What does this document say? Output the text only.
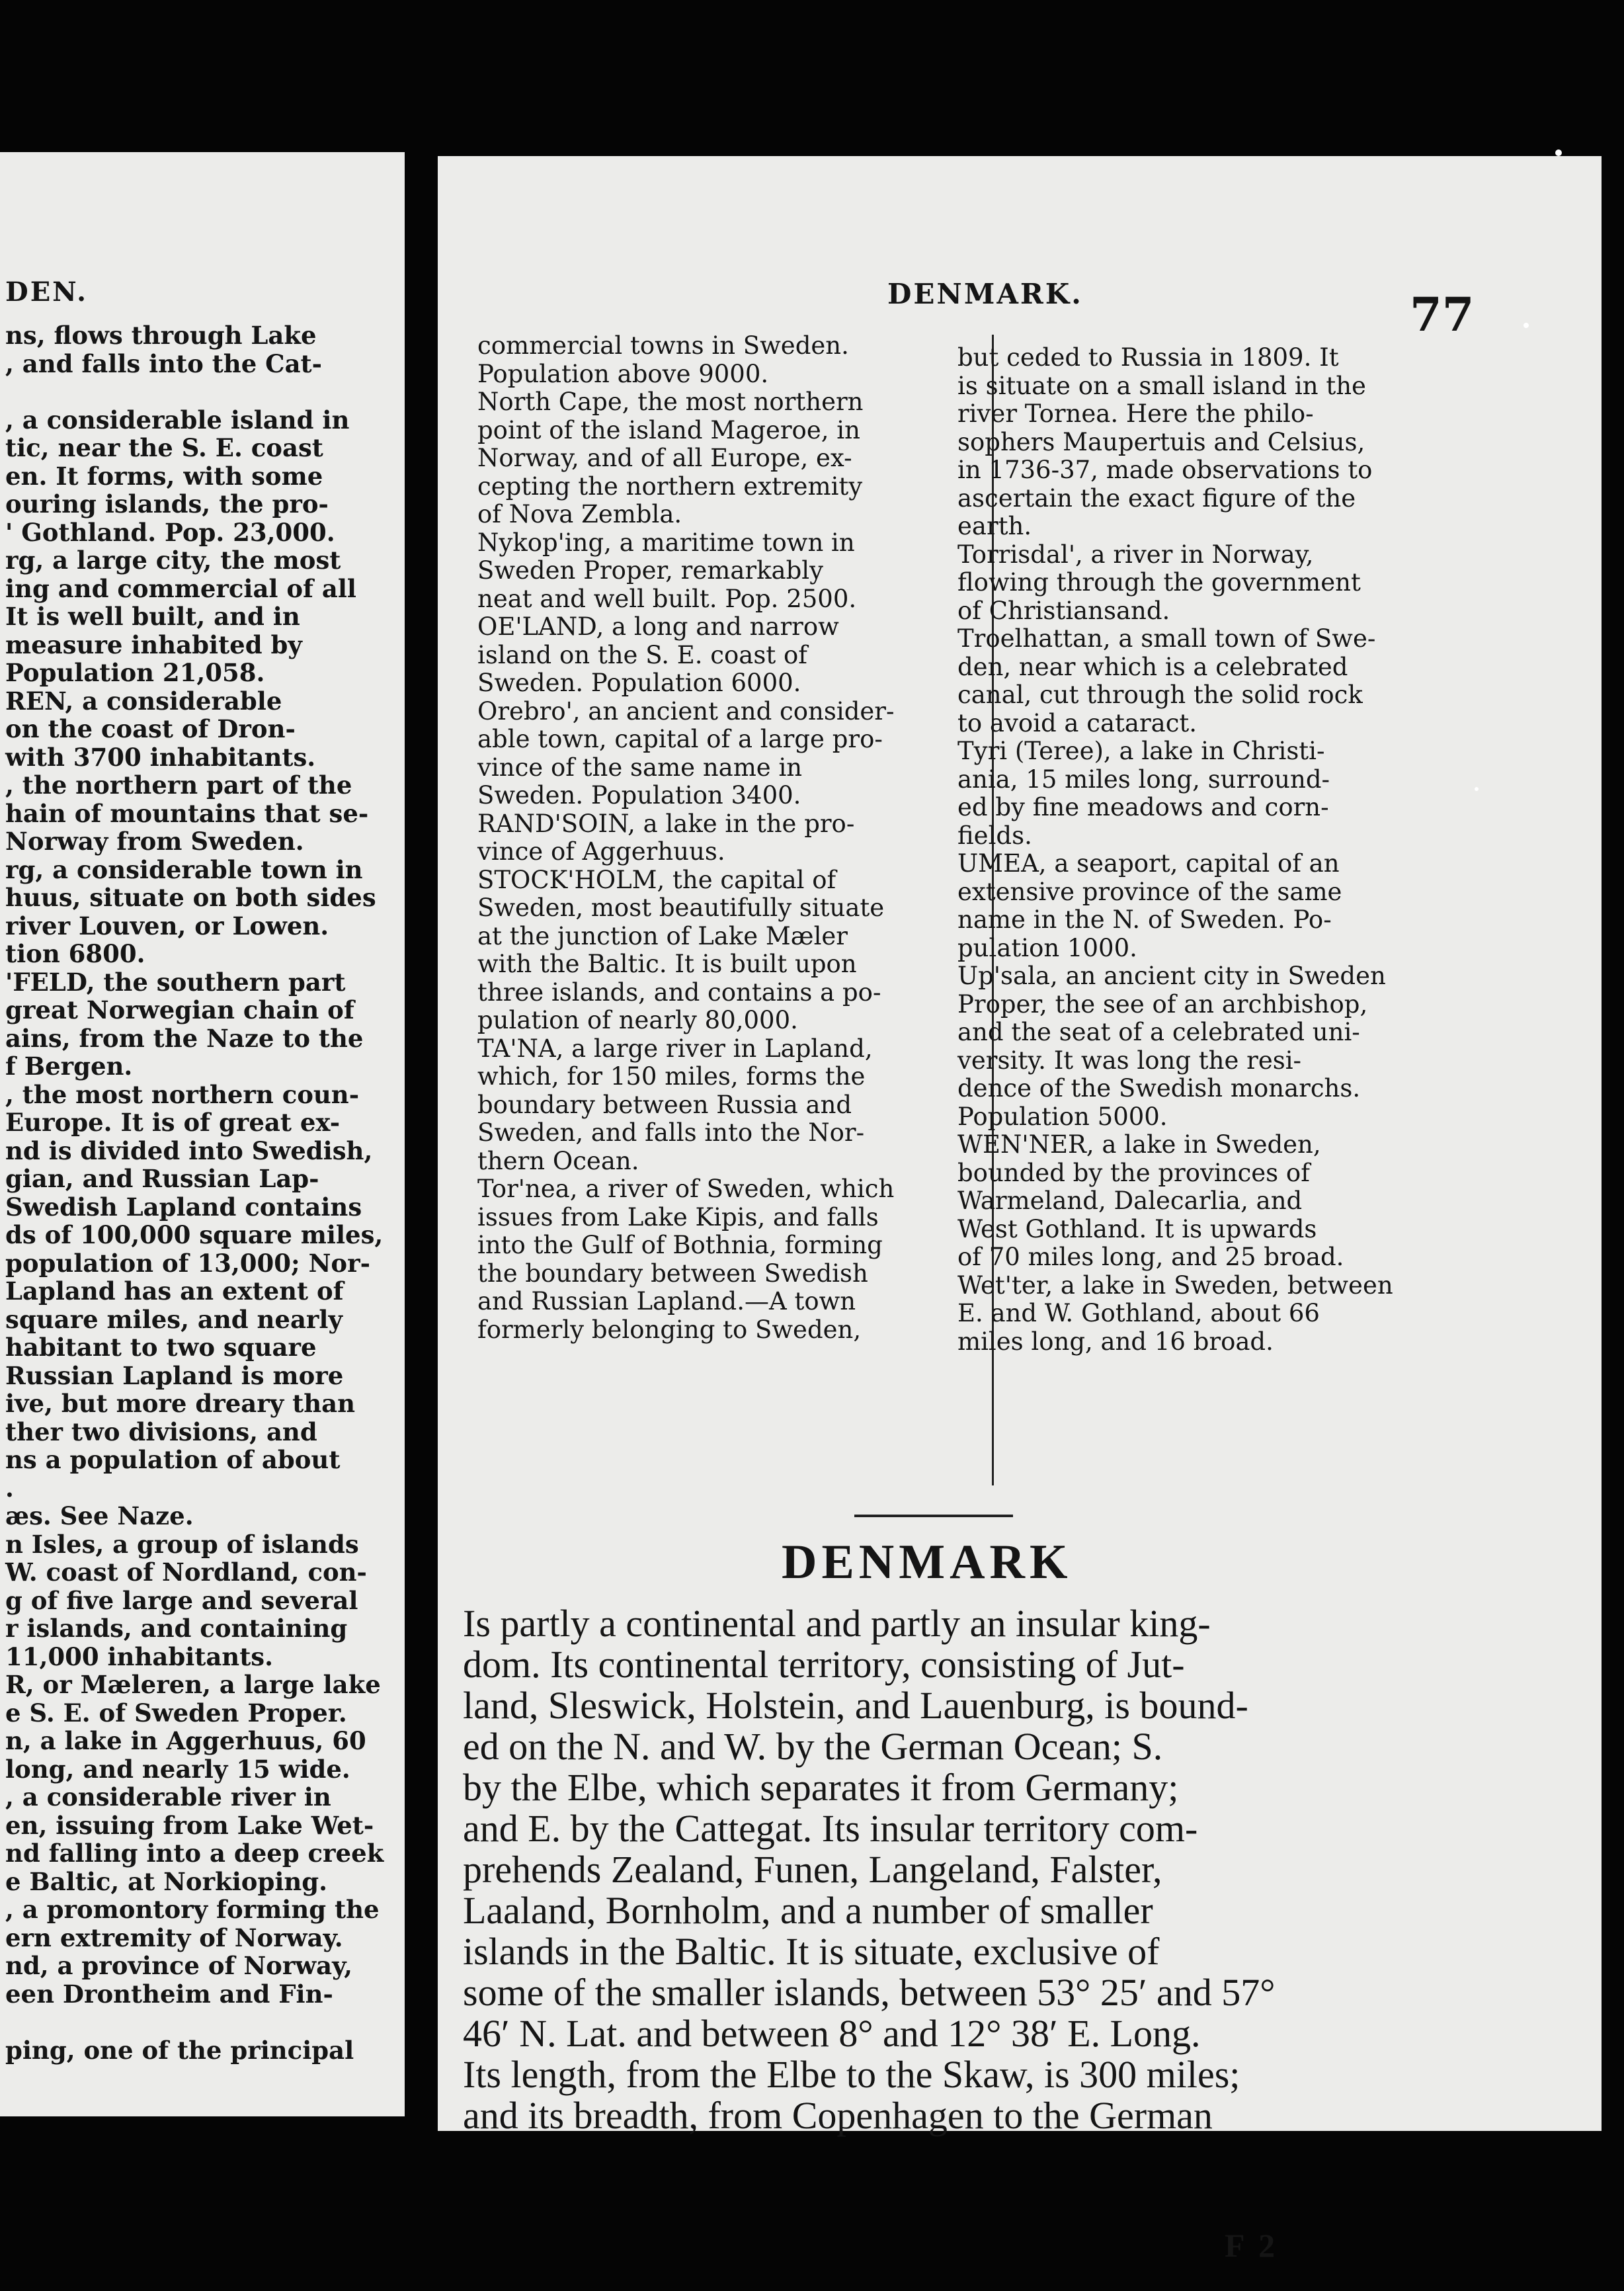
DEN.

ns, flows through Lake

, and falls into the Cat-

, a considerable island in

tic, near the S. E. coast

en. It forms, with some

ouring islands, the pro-

' Gothland. Pop. 23,000.

rg, a large city, the most

ing and commercial of all

It is well built, and in

measure inhabited by

Population 21,058.

REN, a considerable

on the coast of Dron-

with 3700 inhabitants.

, the northern part of the

hain of mountains that se-

Norway from Sweden.

rg, a considerable town in

huus, situate on both sides

river Louven, or Lowen.

tion 6800.

'FELD, the southern part

great Norwegian chain of

ains, from the Naze to the

f Bergen.

, the most northern coun-

Europe. It is of great ex-

nd is divided into Swedish,

gian, and Russian Lap-

Swedish Lapland contains

ds of 100,000 square miles,

population of 13,000; Nor-

Lapland has an extent of

square miles, and nearly

habitant to two square

Russian Lapland is more

ive, but more dreary than

ther two divisions, and

ns a population of about

.

æs. See Naze.

n Isles, a group of islands

W. coast of Nordland, con-

g of five large and several

r islands, and containing

11,000 inhabitants.

R, or Mæleren, a large lake

e S. E. of Sweden Proper.

n, a lake in Aggerhuus, 60

long, and nearly 15 wide.

, a considerable river in

en, issuing from Lake Wet-

nd falling into a deep creek

e Baltic, at Norkioping.

, a promontory forming the

ern extremity of Norway.

nd, a province of Norway,

een Drontheim and Fin-

ping, one of the principal

DENMARK.	77

commercial towns in Sweden.

Population above 9000.

North Cape, the most northern

point of the island Mageroe, in

Norway, and of all Europe, ex-

cepting the northern extremity

of Nova Zembla.

Nykop'ing, a maritime town in

Sweden Proper, remarkably

neat and well built. Pop. 2500.

OE'LAND, a long and narrow

island on the S. E. coast of

Sweden. Population 6000.

Orebro', an ancient and consider-

able town, capital of a large pro-

vince of the same name in

Sweden. Population 3400.

RAND'SOIN, a lake in the pro-

vince of Aggerhuus.

STOCK'HOLM, the capital of

Sweden, most beautifully situate

at the junction of Lake Mæler

with the Baltic. It is built upon

three islands, and contains a po-

pulation of nearly 80,000.

TA'NA, a large river in Lapland,

which, for 150 miles, forms the

boundary between Russia and

Sweden, and falls into the Nor-

thern Ocean.

Tor'nea, a river of Sweden, which

issues from Lake Kipis, and falls

into the Gulf of Bothnia, forming

the boundary between Swedish

and Russian Lapland.—A town

formerly belonging to Sweden,

but ceded to Russia in 1809. It

is situate on a small island in the

river Tornea. Here the philo-

sophers Maupertuis and Celsius,

in 1736-37, made observations to

ascertain the exact figure of the

earth.

Torrisdal', a river in Norway,

flowing through the government

of Christiansand.

Troelhattan, a small town of Swe-

den, near which is a celebrated

canal, cut through the solid rock

to avoid a cataract.

Tyri (Teree), a lake in Christi-

ania, 15 miles long, surround-

ed by fine meadows and corn-

fields.

UMEA, a seaport, capital of an

extensive province of the same

name in the N. of Sweden. Po-

pulation 1000.

Up'sala, an ancient city in Sweden

Proper, the see of an archbishop,

and the seat of a celebrated uni-

versity. It was long the resi-

dence of the Swedish monarchs.

Population 5000.

WEN'NER, a lake in Sweden,

bounded by the provinces of

Warmeland, Dalecarlia, and

West Gothland. It is upwards

of 70 miles long, and 25 broad.

Wet'ter, a lake in Sweden, between

E. and W. Gothland, about 66

miles long, and 16 broad.

DENMARK
Is partly a continental and partly an insular king-
dom. Its continental territory, consisting of Jut-
land, Sleswick, Holstein, and Lauenburg, is bound-
ed on the N. and W. by the German Ocean; S.
by the Elbe, which separates it from Germany;
and E. by the Cattegat. Its insular territory com-
prehends Zealand, Funen, Langeland, Falster,
Laaland, Bornholm, and a number of smaller
islands in the Baltic. It is situate, exclusive of
some of the smaller islands, between 53° 25′ and 57°
46′ N. Lat. and between 8° and 12° 38′ E. Long.
Its length, from the Elbe to the Skaw, is 300 miles;
and its breadth, from Copenhagen to the German
F 2
